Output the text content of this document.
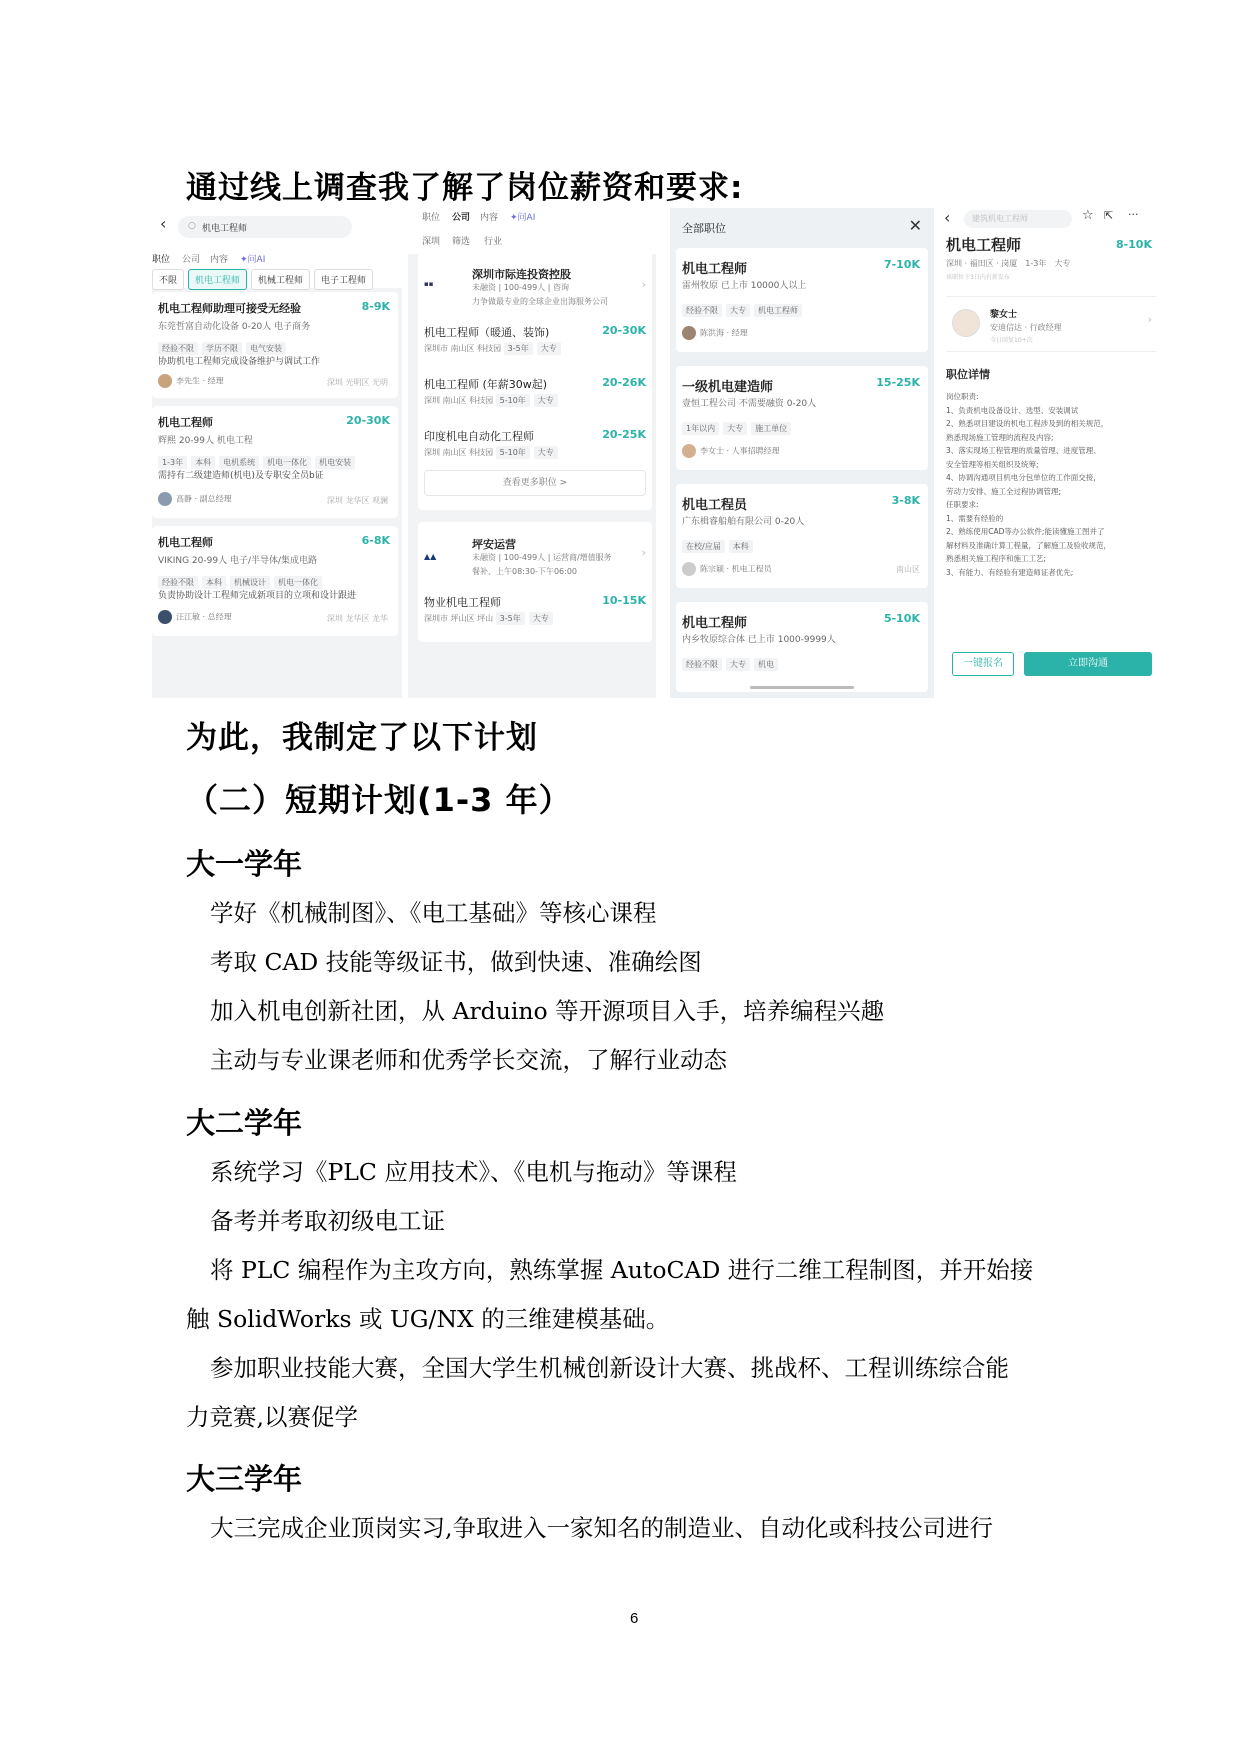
通过线上调查我了解了岗位薪资和要求:
‹ ○ 机电工程师
职位 公司 内容 ✦问AI
不限 机电工程师 机械工程师 电子工程师
机电工程师助理可接受无经验	8-9K
东莞哲富自动化设备 0-20人 电子商务
经验不限 学历不限 电气安装
协助机电工程师完成设备维护与调试工作
李先生 · 经理	深圳 光明区 光明
机电工程师	20-30K
辉熙 20-99人 机电工程
1-3年 本科 电机系统 机电一体化 机电安装
需持有二级建造师(机电)及专职安全员b证
高静 · 副总经理	深圳 龙华区 观澜
机电工程师	6-8K
VIKING 20-99人 电子/半导体/集成电路
经验不限 本科 机械设计 机电一体化
负责协助设计工程师完成新项目的立项和设计跟进
汪江敏 · 总经理	深圳 龙华区 龙华
职位 公司 内容 ✦问AI
深圳 筛选 行业
▪▪
深圳市际连投资控股
未融资 | 100-499人 | 咨询
力争做最专业的全球企业出海服务公司
›
机电工程师（暖通、装饰)	20-30K
深圳市 南山区 科技园 3-5年 大专
机电工程师 (年薪30w起)	20-26K
深圳 南山区 科技园 5-10年 大专
印度机电自动化工程师	20-25K
深圳 南山区 科技园 5-10年 大专
查看更多职位 >
▲▲
坪安运营
未融资 | 100-499人 | 运营商/增值服务
餐补、上午08:30-下午06:00
›
物业机电工程师	10-15K
深圳市 坪山区 坪山 3-5年 大专
全部职位	✕
机电工程师	7-10K
雷州牧原 已上市 10000人以上
经验不限 大专 机电工程师
陈洪海 · 经理
一级机电建造师	15-25K
壹恒工程公司 不需要融资 0-20人
1年以内 大专 施工单位
李女士 · 人事招聘经理
机电工程员	3-8K
广东楫睿船舶有限公司 0-20人
在校/应届 本科
陈宗颖 · 机电工程员	南山区
机电工程师	5-10K
内乡牧原综合体 已上市 1000-9999人
经验不限 大专 机电
‹	建筑机电工程师	☆ ⇱ ···
机电工程师	8-10K
深圳 · 福田区 · 岗厦　 1-3年　 大专
该职位于3日内有新发布
黎女士
安迪信达 · 行政经理
今日回复10+次
›
职位详情
岗位职责:
1、负责机电设备设计、选型、安装调试
2、熟悉项目建设的机电工程涉及到的相关规范，
熟悉现场施工管理的流程及内容;
3、落实现场工程管理的质量管理、进度管理、
安全管理等相关组织及统筹;
4、协调沟通项目机电分包单位的工作面交接，
劳动力安排、施工全过程协调管理;
任职要求:
1、需要有经验的
2、熟练使用CAD等办公软件;能读懂施工图并了
解材料及准确计算工程量，了解施工及验收规范，
熟悉相关施工程序和施工工艺;
3、有能力、有经验有建造师证者优先;
一键报名	立即沟通
为此，我制定了以下计划
（二）短期计划(1-3 年）
大一学年

学好《机械制图》、《电工基础》等核心课程

考取 CAD 技能等级证书，做到快速、准确绘图

加入机电创新社团，从 Arduino 等开源项目入手，培养编程兴趣

主动与专业课老师和优秀学长交流，了解行业动态

大二学年

系统学习《PLC 应用技术》、《电机与拖动》等课程

备考并考取初级电工证

将 PLC 编程作为主攻方向，熟练掌握 AutoCAD 进行二维工程制图，并开始接

触 SolidWorks 或 UG/NX 的三维建模基础。

参加职业技能大赛，全国大学生机械创新设计大赛、挑战杯、工程训练综合能

力竞赛,以赛促学

大三学年

大三完成企业顶岗实习,争取进入一家知名的制造业、自动化或科技公司进行

6
